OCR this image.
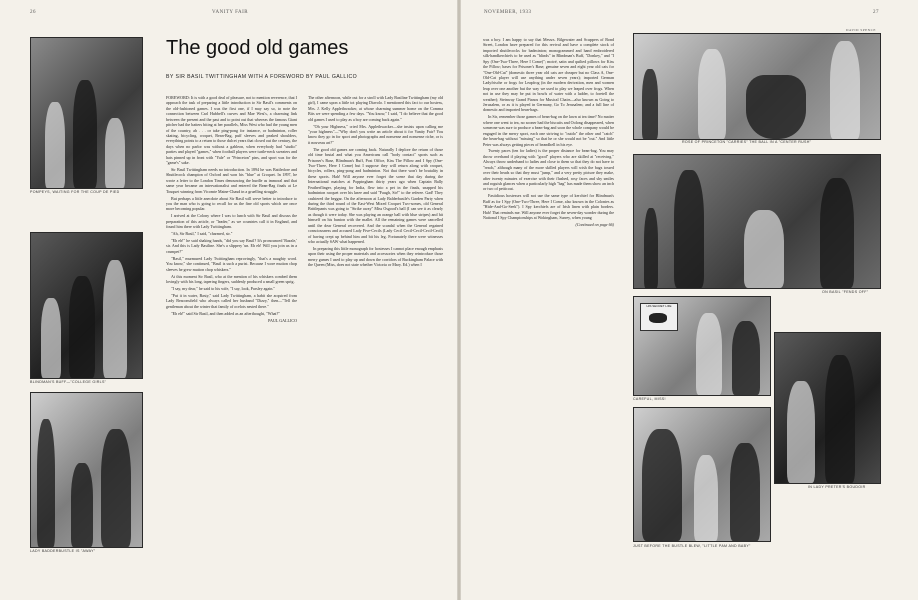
26	VANITY FAIR	NOVEMBER, 1933	27
DAVID SPENCE
POMPEYS, WAITING FOR THE COUP DE PIED
BLINDMAN'S BUFF—"COLLEGE GIRLS"
LADY BADDERBUSTLE IS "AWAY"
The good old games
BY SIR BASIL TWITTINGHAM WITH A FOREWORD BY PAUL GALLICO

FOREWORD: It is with a good deal of pleasure, not to mention reverence, that I approach the task of preparing a little introduction to Sir Basil's comments on the old-fashioned games. I was the first one, if I may say so, to note the connection between Carl Hubbell's curves and Mae West's, a charming link between the present and the past and to point out that whereas the famous Giant pitcher had the batters biting at her parallels, Miss West who had the young men of the country, ah . . . or take ping-pong for instance, or badminton, roller skating, bicycling, croquet, Bean-Bag, puff sleeves and peaked shoulders, everything points to a return to those dulcet years that closed out the century, the days when no parlor was without a gableon, when everybody had "studio" parties and played "games," when football players were turtle-neck sweaters and hats pinned up in front with "Yale" or "Princeton" pins, and sport was for the "game's" sake.

Sir Basil Twittingham needs no introduction. In 1894 he was Battledore and Shuttlecock champion of Oxford and won his "blue" at Croquet. In 1897, he wrote a letter to the London Times denouncing the hurdle as immoral and that same year became an intervationalist and entered the Bean-Bag finals at Le Touquet winning from Vicomte Maine-Chaud in a gruelling struggle.

But perhaps a little anecdote about Sir Basil will serve better to introduce to you the man who is going to recall for us the fine old sports which are once more becoming popular.

I arrived at the Colony where I was to lunch with Sir Basil and discuss the preparation of this article, or "leader," as we countries call it in England, and found him there with Lady Twittingham.

"Ah, Sir Basil," I said, "charmed, sir."

"Eh eh!" he said shaking hands, "did you say Basil? It's pronounced 'Bazzle,' sir. And this is Lady Basiline. She's a slippery 'un. Eh eh! Will you join us in a crumpet?"

"Basil," murmured Lady Twittingham reprovingly, "that's a naughty word. You know," she continued, "Basil is such a purist. Because I wore mutton chop sleeves he grew mutton chop whiskers."

At this moment Sir Basil, who at the mention of his whiskers combed them lovingly with his long, tapering fingers, suddenly produced a small green sprig.

"I say, my dear," he said to his wife, "I say, look, Parsley again."

"Put it in water, Basty," said Lady Twittingham, a habit she acquired from Lady Beaconsfield who always called her husband "Dizzy," then—"Tell the gentleman about the winter that family of ocelots nested there."

"Eh eh!" said Sir Basil, and then added as an afterthought, "What?"

PAUL GALLICO

The other afternoon, while out for a stroll with Lady Basiline Twittingham (my old girl), I came upon a little tot playing Diavolo. I mentioned this fact to our hostess, Mrs. J. Kelly Applethwacker, at whose charming summer home on the Comma Bits we were spending a few days. "You know," I said, "I do believe that the good old games I used to play as a boy are coming back again."

"Oh your Highness," cried Mrs. Applethwacker—she insists upon calling me "your highness"—"Why don't you write an article about it for Vanity Fair? You know they go in for sport and photographs and nonsense and nonsense riche, or is it nouveau art?"

The good old games are coming back. Naturally I deplore the return of those old time brutal and what you Americans call "body contact" sports such as Prisoner's Base, Blindman's Buff, Post Office, Kiss The Pillow and I Spy (One-Two-Three, Here I Come) but I suppose they will return along with croquet, bicycles, rollers, ping-pong and badminton. Not that there won't be brutality in these sports. Hah! Will anyone ever forget the scene that day during the International matches at Poppingham thirty years ago when Captain Bally Featherflinger, playing for India, flew into a pet in the finals, snapped his badminton racquet over his knee and said "Faugh, Sir!" to the referee. Gad! They cashiered the beggar. On the afternoon at Lady Balderbustle's Garden Party when during the third round of the East-West Mixed Croquet Two-somes, old General Brittlepants was going to "Strike away" Miss Osgood's ball (I can see it as clearly as though it were today. She was playing an orange ball with blue stripes) and hit himself on his bunion with the mallet. All the remaining games were cancelled until the dear General recovered. And the scandal when the General regained consciousness and accused Lady Five-Cecils (Lady Cecil Cecil-Cecil-Cecil-Cecil) of having crept up behind him and bit his leg. Fortunately there were witnesses who actually SAW what happened.

In preparing this little monograph for hostesses I cannot place enough emphasis upon their using the proper materials and accessories when they reintroduce those merry games I used to play up and down the corridors of Buckingham Palace with the Queen (Miss, does not state whether Victoria or Mary. Ed.) when I

was a boy. I am happy to say that Messrs. Bilgewater and Scuppers of Bond Street, London have prepared for this revival and have a complete stock of imported shuttlecocks for badminton; monogrammed and hand embroidered silk-handkerchiefs to be used as "blinds" in Blindman's Buff, "Donkey," and "I Spy (One-Two-Three, Here I Come)"; moiré, satin and quilted pillows for Kiss the Pillow; bases for Prisoner's Base; genuine seven and eight year old cats for "One-Old-Cat" (domestic three year old cats are cheaper but no Class A, One-Old-Cat player will use anything under seven years); imported German Ladyfrische or frogs for Leapfrog (in the modern derivation, men and women leap over one another but the way we used to play we leaped over frogs. When not in use they may be put in bowls of water with a ladder, to foretell the weather); Steinway Grand Pianos for Musical Chairs—also known as Going to Jerusalem, or as it is played in Germany, Go To Jerusalem; and a full line of domestic and imported bean-bags.

In Sir, remember those games of bean-bag on the lawn at tea time? No matter where one went to tea, no sooner had the biscuits and Oolong disappeared, when someone was sure to produce a bean-bag and soon the whole company would be engaged in the merry sport, each one striving to "outdo" the other and "catch" the bean-bag without "missing" so that he or she would not be "out." And little Peter was always getting pieces of beandhell in his eye.

Twenty paces (ten for ladies) is the proper distance for bean-bag. You may throw overhand if playing with "good" players who are skilled at "receiving." Always throw underhand to ladies and close to them so that they do not have to "reach," although many of the more skilled players will wish the bags tossed over their heads so that they must "jump," and a very pretty picture they make, after twenty minutes of exercise with their flushed, rosy faces and shy smiles and roguish glances when a particularly high "bag" has made them show an inch or two of petticoat.

Fastidious hostesses will not use the same type of kerchief for Blindman's Buff as for I Spy (One-Two-Three, Here I Come, also known in the Colonies as "Hide-And-Go-Seek"). I Spy kerchiefs are of Irish linen with plain borders. Hah! That reminds me. Will anyone ever forget the seven-day wonder during the National I Spy Championships at Wokingham, Surrey, when young

(Continued on page 66)

ROSE OF PRINCETON "CARRIES" THE BALL IN A "CENTER RUSH"
ON BASIL "FENDS OFF"
HIS SECRET LIFE
CAREFUL, MISS!
IN LADY PRETER'S BOUDOIR
JUST BEFORE THE BUSTLE BLEW, "LITTLE PAM AND BABY"
